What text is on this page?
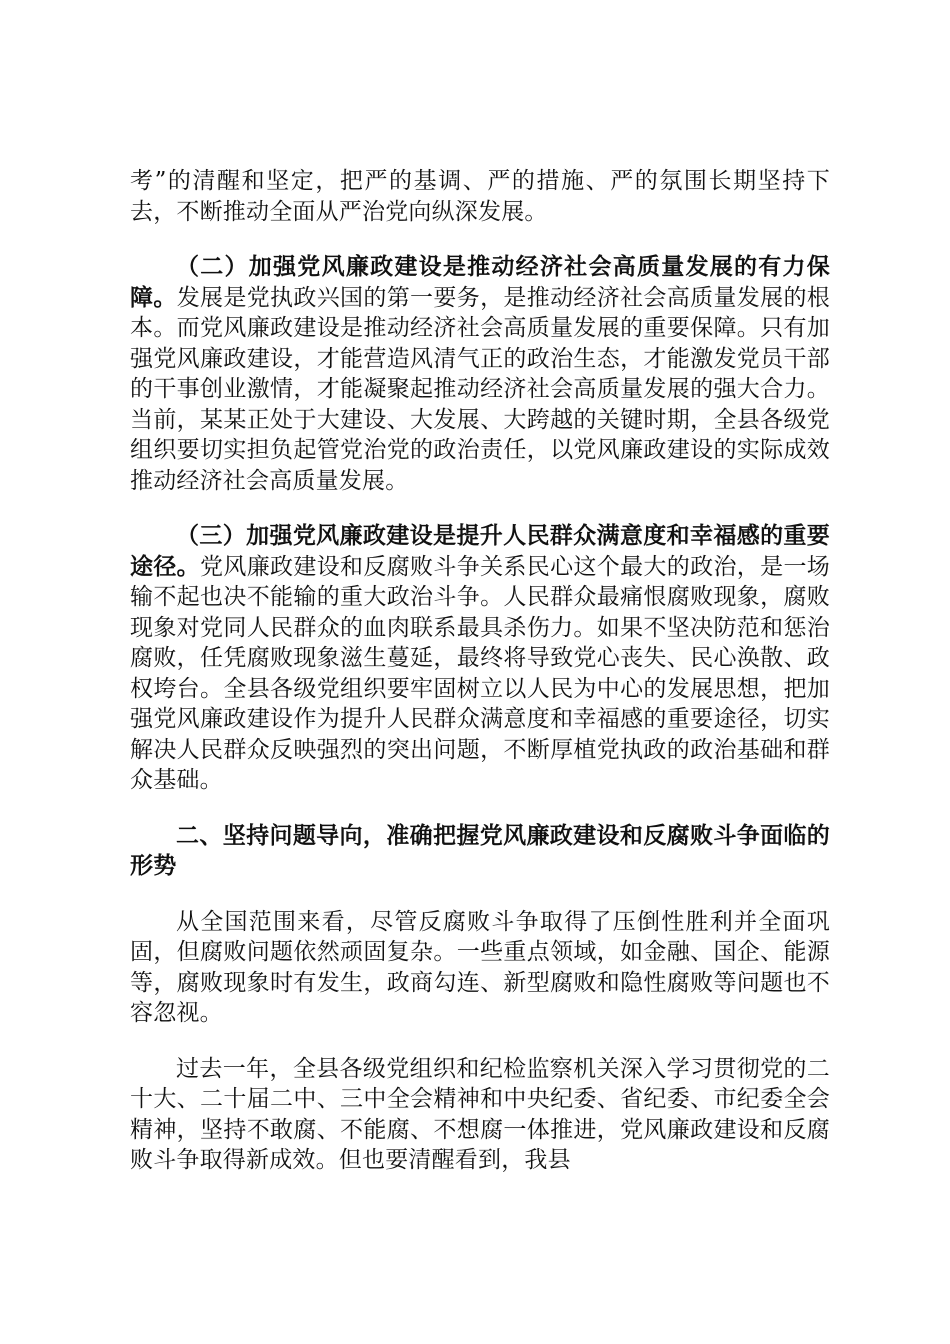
考”的清醒和坚定，把严的基调、严的措施、严的氛围长期坚持下去，不断推动全面从严治党向纵深发展。

（二）加强党风廉政建设是推动经济社会高质量发展的有力保障。发展是党执政兴国的第一要务，是推动经济社会高质量发展的根本。而党风廉政建设是推动经济社会高质量发展的重要保障。只有加强党风廉政建设，才能营造风清气正的政治生态，才能激发党员干部的干事创业激情，才能凝聚起推动经济社会高质量发展的强大合力。当前，某某正处于大建设、大发展、大跨越的关键时期，全县各级党组织要切实担负起管党治党的政治责任，以党风廉政建设的实际成效推动经济社会高质量发展。

（三）加强党风廉政建设是提升人民群众满意度和幸福感的重要途径。党风廉政建设和反腐败斗争关系民心这个最大的政治，是一场输不起也决不能输的重大政治斗争。人民群众最痛恨腐败现象，腐败现象对党同人民群众的血肉联系最具杀伤力。如果不坚决防范和惩治腐败，任凭腐败现象滋生蔓延，最终将导致党心丧失、民心涣散、政权垮台。全县各级党组织要牢固树立以人民为中心的发展思想，把加强党风廉政建设作为提升人民群众满意度和幸福感的重要途径，切实解决人民群众反映强烈的突出问题，不断厚植党执政的政治基础和群众基础。

二、坚持问题导向，准确把握党风廉政建设和反腐败斗争面临的形势

从全国范围来看，尽管反腐败斗争取得了压倒性胜利并全面巩固，但腐败问题依然顽固复杂。一些重点领域，如金融、国企、能源等，腐败现象时有发生，政商勾连、新型腐败和隐性腐败等问题也不容忽视。

过去一年，全县各级党组织和纪检监察机关深入学习贯彻党的二十大、二十届二中、三中全会精神和中央纪委、省纪委、市纪委全会精神，坚持不敢腐、不能腐、不想腐一体推进，党风廉政建设和反腐败斗争取得新成效。但也要清醒看到，我县
